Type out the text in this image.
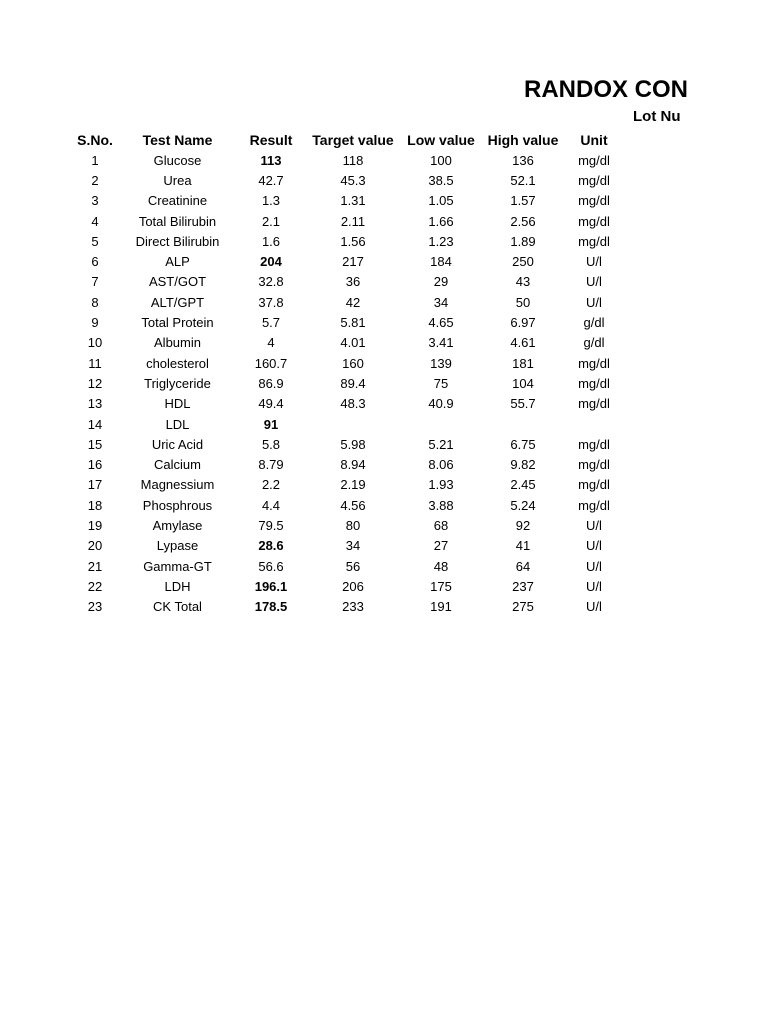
RANDOX CON
Lot Nu
S.No.	Test Name	Result	Target value	Low value	High value	Unit
1	Glucose	113	118	100	136	mg/dl
2	Urea	42.7	45.3	38.5	52.1	mg/dl
3	Creatinine	1.3	1.31	1.05	1.57	mg/dl
4	Total Bilirubin	2.1	2.11	1.66	2.56	mg/dl
5	Direct Bilirubin	1.6	1.56	1.23	1.89	mg/dl
6	ALP	204	217	184	250	U/l
7	AST/GOT	32.8	36	29	43	U/l
8	ALT/GPT	37.8	42	34	50	U/l
9	Total Protein	5.7	5.81	4.65	6.97	g/dl
10	Albumin	4	4.01	3.41	4.61	g/dl
11	cholesterol	160.7	160	139	181	mg/dl
12	Triglyceride	86.9	89.4	75	104	mg/dl
13	HDL	49.4	48.3	40.9	55.7	mg/dl
14	LDL	91				
15	Uric Acid	5.8	5.98	5.21	6.75	mg/dl
16	Calcium	8.79	8.94	8.06	9.82	mg/dl
17	Magnessium	2.2	2.19	1.93	2.45	mg/dl
18	Phosphrous	4.4	4.56	3.88	5.24	mg/dl
19	Amylase	79.5	80	68	92	U/l
20	Lypase	28.6	34	27	41	U/l
21	Gamma-GT	56.6	56	48	64	U/l
22	LDH	196.1	206	175	237	U/l
23	CK Total	178.5	233	191	275	U/l
